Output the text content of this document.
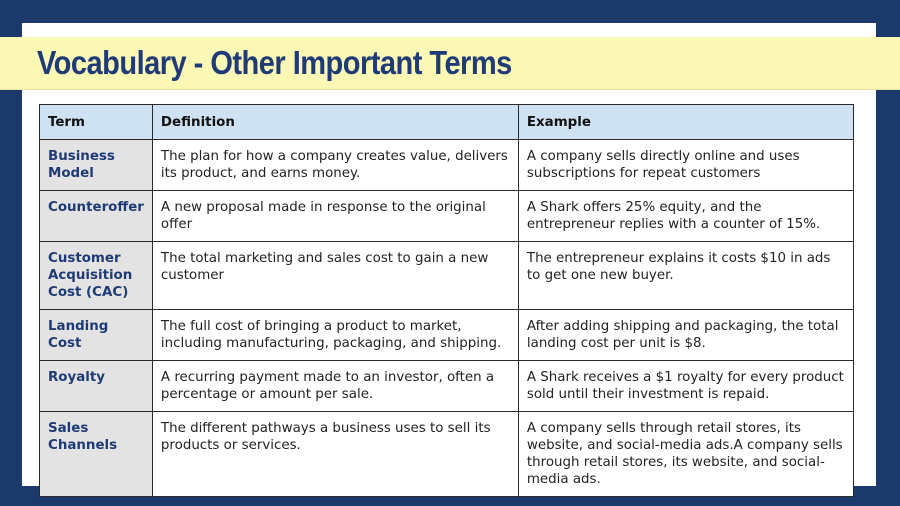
Vocabulary - Other Important Terms
Term	Definition	Example
Business Model	The plan for how a company creates value, delivers its product, and earns money.	A company sells directly online and uses subscriptions for repeat customers
Counteroffer	A new proposal made in response to the original offer	A Shark offers 25% equity, and the entrepreneur replies with a counter of 15%.
Customer Acquisition Cost (CAC)	The total marketing and sales cost to gain a new customer	The entrepreneur explains it costs $10 in ads to get one new buyer.
Landing Cost	The full cost of bringing a product to market, including manufacturing, packaging, and shipping.	After adding shipping and packaging, the total landing cost per unit is $8.
Royalty	A recurring payment made to an investor, often a percentage or amount per sale.	A Shark receives a $1 royalty for every product sold until their investment is repaid.
Sales Channels	The different pathways a business uses to sell its products or services.	A company sells through retail stores, its website, and social-media ads.A company sells through retail stores, its website, and social-media ads.
